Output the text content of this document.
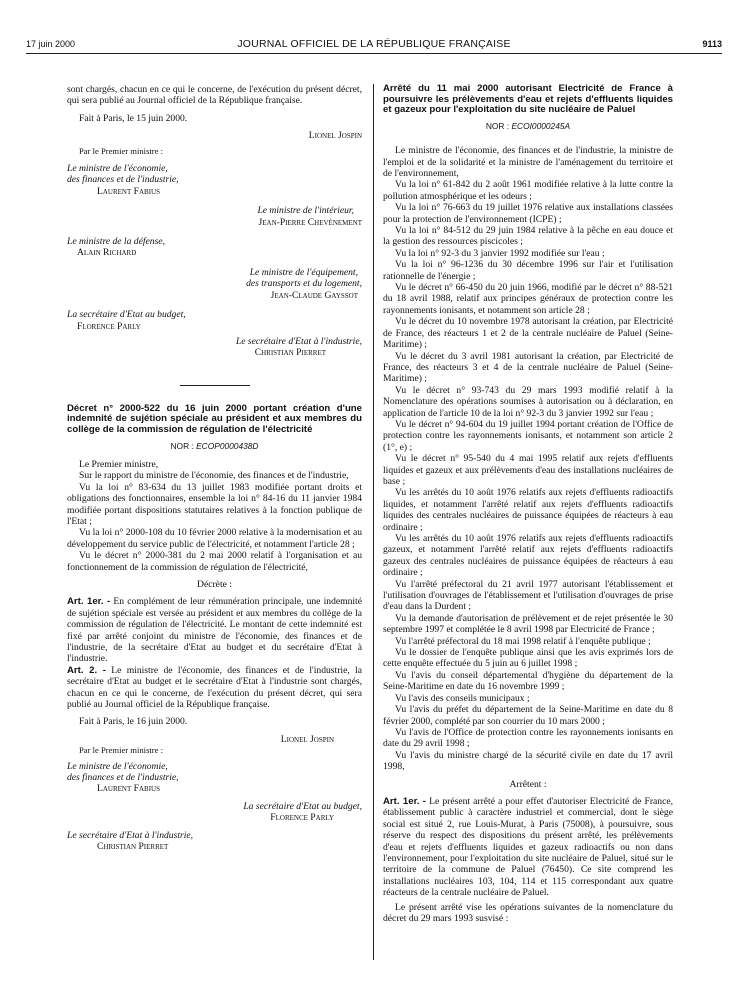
17 juin 2000	JOURNAL OFFICIEL DE LA RÉPUBLIQUE FRANÇAISE	9113

sont chargés, chacun en ce qui le concerne, de l'exécution du présent décret, qui sera publié au Journal officiel de la République française.

Fait à Paris, le 15 juin 2000.

Lionel Jospin

Par le Premier ministre :

Le ministre de l'économie,

des finances et de l'industrie,

Laurent Fabius

Le ministre de l'intérieur,

Jean-Pierre Chevènement

Le ministre de la défense,

Alain Richard

Le ministre de l'équipement,

des transports et du logement,

Jean-Claude Gayssot

La secrétaire d'Etat au budget,

Florence Parly

Le secrétaire d'Etat à l'industrie,

Christian Pierret

Décret n° 2000-522 du 16 juin 2000 portant création d'une indemnité de sujétion spéciale au président et aux membres du collège de la commission de régulation de l'électricité

NOR : ECOP0000438D

Le Premier ministre,

Sur le rapport du ministre de l'économie, des finances et de l'industrie,

Vu la loi n° 83-634 du 13 juillet 1983 modifiée portant droits et obligations des fonctionnaires, ensemble la loi n° 84-16 du 11 janvier 1984 modifiée portant dispositions statutaires relatives à la fonction publique de l'Etat ;

Vu la loi n° 2000-108 du 10 février 2000 relative à la modernisation et au développement du service public de l'électricité, et notamment l'article 28 ;

Vu le décret n° 2000-381 du 2 mai 2000 relatif à l'organisation et au fonctionnement de la commission de régulation de l'électricité,

Décrète :

Art. 1er. - En complément de leur rémunération principale, une indemnité de sujétion spéciale est versée au président et aux membres du collège de la commission de régulation de l'électricité. Le montant de cette indemnité est fixé par arrêté conjoint du ministre de l'économie, des finances et de l'industrie, de la secrétaire d'Etat au budget et du secrétaire d'Etat à l'industrie.

Art. 2. - Le ministre de l'économie, des finances et de l'industrie, la secrétaire d'Etat au budget et le secrétaire d'Etat à l'industrie sont chargés, chacun en ce qui le concerne, de l'exécution du présent décret, qui sera publié au Journal officiel de la République française.

Fait à Paris, le 16 juin 2000.

Lionel Jospin

Par le Premier ministre :

Le ministre de l'économie,

des finances et de l'industrie,

Laurent Fabius

La secrétaire d'Etat au budget,

Florence Parly

Le secrétaire d'Etat à l'industrie,

Christian Pierret

Arrêté du 11 mai 2000 autorisant Electricité de France à poursuivre les prélèvements d'eau et rejets d'effluents liquides et gazeux pour l'exploitation du site nucléaire de Paluel

NOR : ECOI0000245A

Le ministre de l'économie, des finances et de l'industrie, la ministre de l'emploi et de la solidarité et la ministre de l'aménagement du territoire et de l'environnement,

Vu la loi n° 61-842 du 2 août 1961 modifiée relative à la lutte contre la pollution atmosphérique et les odeurs ;

Vu la loi n° 76-663 du 19 juillet 1976 relative aux installations classées pour la protection de l'environnement (ICPE) ;

Vu la loi n° 84-512 du 29 juin 1984 relative à la pêche en eau douce et la gestion des ressources piscicoles ;

Vu la loi n° 92-3 du 3 janvier 1992 modifiée sur l'eau ;

Vu la loi n° 96-1236 du 30 décembre 1996 sur l'air et l'utilisation rationnelle de l'énergie ;

Vu le décret n° 66-450 du 20 juin 1966, modifié par le décret n° 88-521 du 18 avril 1988, relatif aux principes généraux de protection contre les rayonnements ionisants, et notamment son article 28 ;

Vu le décret du 10 novembre 1978 autorisant la création, par Electricité de France, des réacteurs 1 et 2 de la centrale nucléaire de Paluel (Seine-Maritime) ;

Vu le décret du 3 avril 1981 autorisant la création, par Electricité de France, des réacteurs 3 et 4 de la centrale nucléaire de Paluel (Seine-Maritime) ;

Vu le décret n° 93-743 du 29 mars 1993 modifié relatif à la Nomenclature des opérations soumises à autorisation ou à déclaration, en application de l'article 10 de la loi n° 92-3 du 3 janvier 1992 sur l'eau ;

Vu le décret n° 94-604 du 19 juillet 1994 portant création de l'Office de protection contre les rayonnements ionisants, et notamment son article 2 (1°, e) ;

Vu le décret n° 95-540 du 4 mai 1995 relatif aux rejets d'effluents liquides et gazeux et aux prélèvements d'eau des installations nucléaires de base ;

Vu les arrêtés du 10 août 1976 relatifs aux rejets d'effluents radioactifs liquides, et notamment l'arrêté relatif aux rejets d'effluents radioactifs liquides des centrales nucléaires de puissance équipées de réacteurs à eau ordinaire ;

Vu les arrêtés du 10 août 1976 relatifs aux rejets d'effluents radioactifs gazeux, et notamment l'arrêté relatif aux rejets d'effluents radioactifs gazeux des centrales nucléaires de puissance équipées de réacteurs à eau ordinaire ;

Vu l'arrêté préfectoral du 21 avril 1977 autorisant l'établissement et l'utilisation d'ouvrages de l'établissement et l'utilisation d'ouvrages de prise d'eau dans la Durdent ;

Vu la demande d'autorisation de prélèvement et de rejet présentée le 30 septembre 1997 et complétée le 8 avril 1998 par Electricité de France ;

Vu l'arrêté préfectoral du 18 mai 1998 relatif à l'enquête publique ;

Vu le dossier de l'enquête publique ainsi que les avis exprimés lors de cette enquête effectuée du 5 juin au 6 juillet 1998 ;

Vu l'avis du conseil départemental d'hygiène du département de la Seine-Maritime en date du 16 novembre 1999 ;

Vu l'avis des conseils municipaux ;

Vu l'avis du préfet du département de la Seine-Maritime en date du 8 février 2000, complété par son courrier du 10 mars 2000 ;

Vu l'avis de l'Office de protection contre les rayonnements ionisants en date du 29 avril 1998 ;

Vu l'avis du ministre chargé de la sécurité civile en date du 17 avril 1998,

Arrêtent :

Art. 1er. - Le présent arrêté a pour effet d'autoriser Electricité de France, établissement public à caractère industriel et commercial, dont le siège social est situé 2, rue Louis-Murat, à Paris (75008), à poursuivre, sous réserve du respect des dispositions du présent arrêté, les prélèvements d'eau et rejets d'effluents liquides et gazeux radioactifs ou non dans l'environnement, pour l'exploitation du site nucléaire de Paluel, situé sur le territoire de la commune de Paluel (76450). Ce site comprend les installations nucléaires 103, 104, 114 et 115 correspondant aux quatre réacteurs de la centrale nucléaire de Paluel.

Le présent arrêté vise les opérations suivantes de la nomenclature du décret du 29 mars 1993 susvisé :
